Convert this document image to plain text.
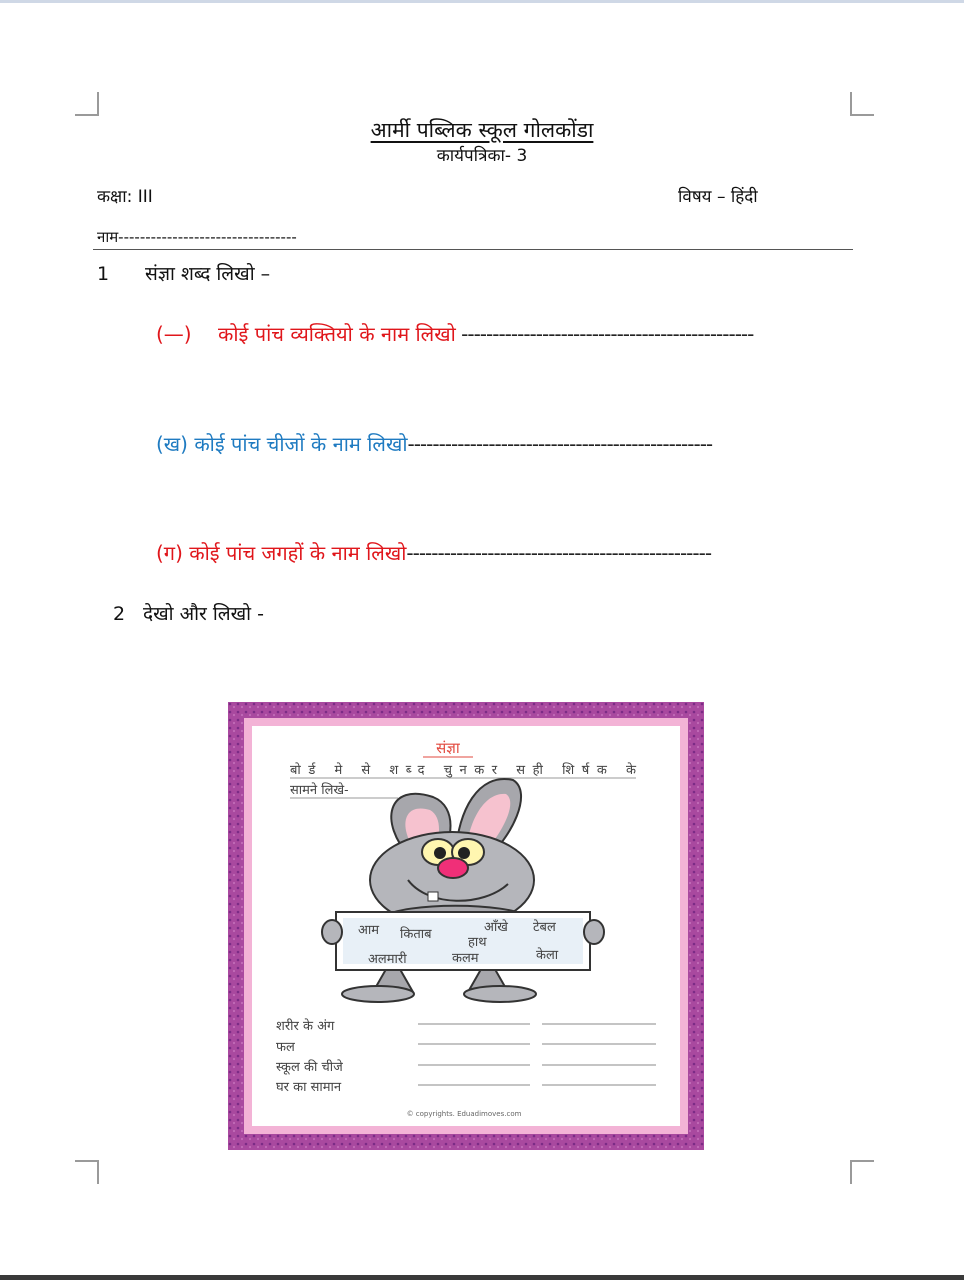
आर्मी पब्लिक स्कूल गोलकोंडा
कार्यपत्रिका- 3
कक्षा: III	विषय – हिंदी
नाम---------------------------------
1 संज्ञा शब्द लिखो –
(—) कोई पांच व्यक्तियो के नाम लिखो -----------------------------------------------
(ख) कोई पांच चीजों के नाम लिखो-------------------------------------------------
(ग) कोई पांच जगहों के नाम लिखो-------------------------------------------------
2 देखो और लिखो -
संज्ञा
बोर्ड मे से शब्द चुनकर सही शिर्षक के
सामने लिखे-
आम किताब	आँखे टेबल
हाथ
अलमारी	कलम	केला
शरीर के अंग
फल
स्कूल की चीजे
घर का सामान
© copyrights. Eduadimoves.com
